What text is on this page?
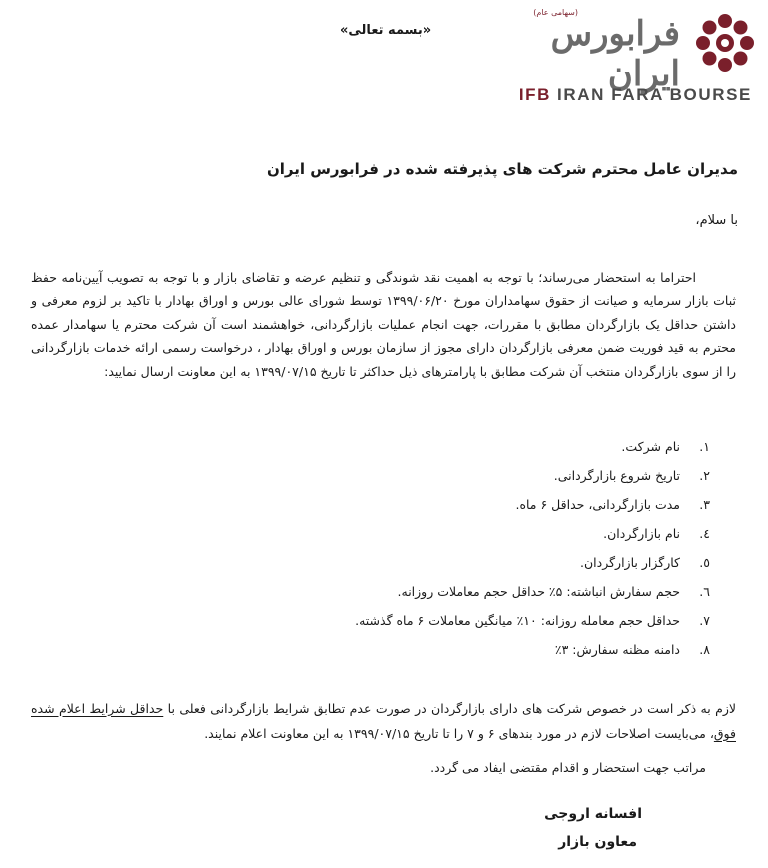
(سهامی عام)
فرابورس ایران
IFB IRAN FARA BOURSE
«بسمه تعالی»
مدیران عامل محترم شرکت های پذیرفته شده در فرابورس ایران
با سلام،

احتراما به استحضار می‌رساند؛ با توجه به اهمیت نقد شوندگی و تنظیم عرضه و تقاضای بازار و با توجه به تصویب آیین‌نامه حفظ ثبات بازار سرمایه و صیانت از حقوق سهامداران مورخ ۱۳۹۹/۰۶/۲۰ توسط شورای عالی بورس و اوراق بهادار با تاکید بر لزوم معرفی و داشتن حداقل یک بازارگردان مطابق با مقررات، جهت انجام عملیات بازارگردانی، خواهشمند است آن شرکت محترم یا سهامدار عمده محترم به قید فوریت ضمن معرفی بازارگردان دارای مجوز از سازمان بورس و اوراق بهادار ، درخواست رسمی ارائه خدمات بازارگردانی را از سوی بازارگردان منتخب آن شرکت مطابق با پارامترهای ذیل حداکثر تا تاریخ ۱۳۹۹/۰۷/۱۵ به این معاونت ارسال نمایید:

۱.نام شرکت.
۲.تاریخ شروع بازارگردانی.
۳.مدت بازارگردانی، حداقل ۶ ماه.
٤.نام بازارگردان.
٥.کارگزار بازارگردان.
٦.حجم سفارش انباشته: ۵٪ حداقل حجم معاملات روزانه.
۷.حداقل حجم معامله روزانه: ۱۰٪ میانگین معاملات ۶ ماه گذشته.
۸.دامنه مظنه سفارش: ۳٪

لازم به ذکر است در خصوص شرکت های دارای بازارگردان در صورت عدم تطابق شرایط بازارگردانی فعلی با حداقل شرایط اعلام شده فوق، می‌بایست اصلاحات لازم در مورد بندهای ۶ و ۷ را تا تاریخ ۱۳۹۹/۰۷/۱۵ به این معاونت اعلام نمایند.

مراتب جهت استحضار و اقدام مقتضی ایفاد می گردد.
افسانه اروجی
معاون بازار
